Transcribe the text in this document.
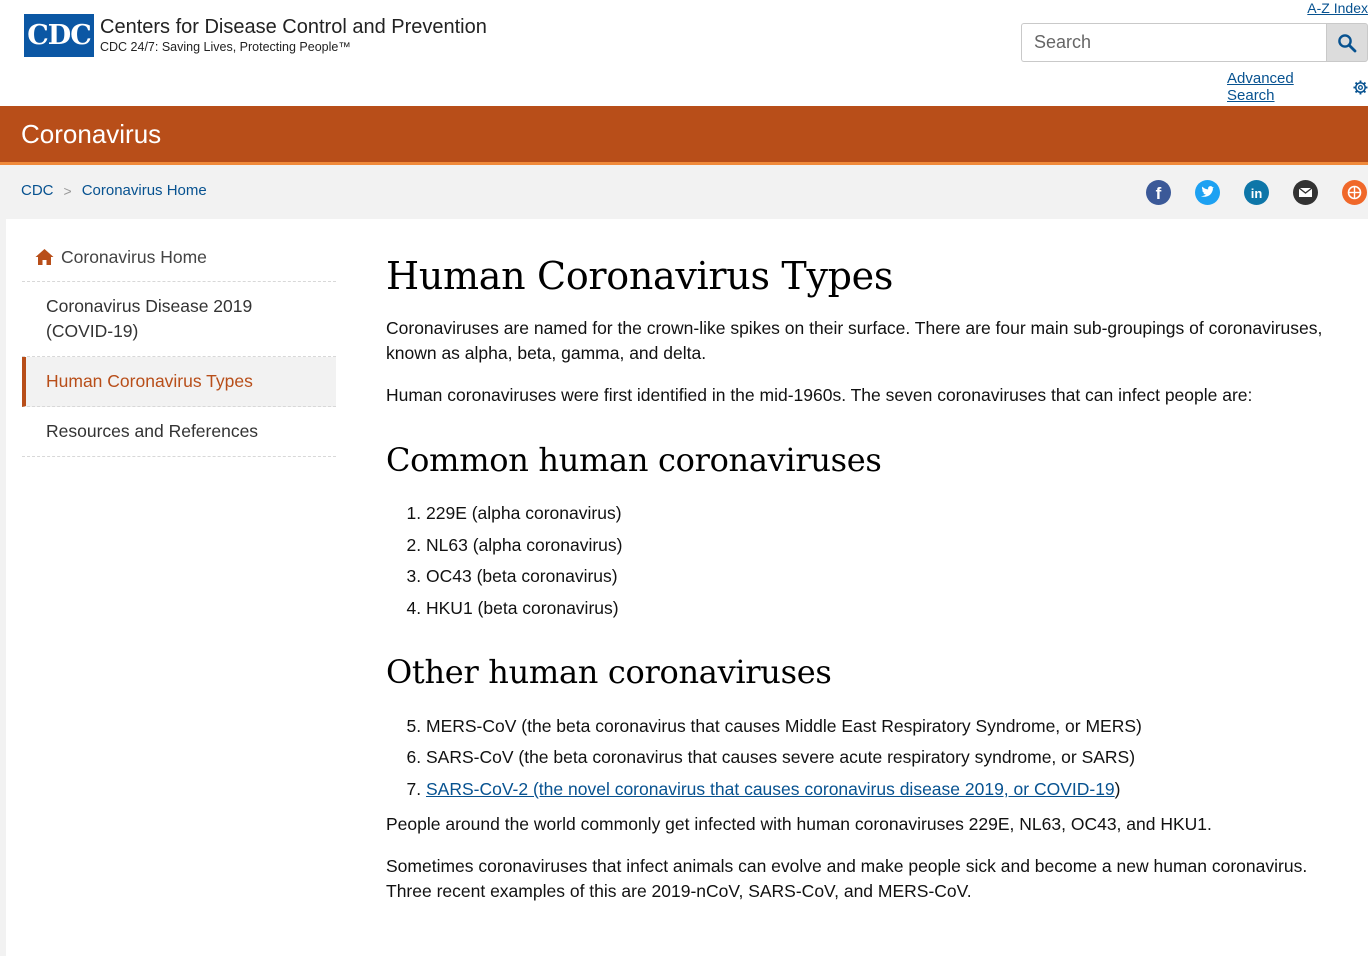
CDC Centers for Disease Control and Prevention
CDC 24/7: Saving Lives, Protecting People™
A-Z Index
Search
Advanced Search
Coronavirus
CDC > Coronavirus Home	f	in
Coronavirus Home
Coronavirus Disease 2019 (COVID-19)
Human Coronavirus Types
Resources and References
Human Coronavirus Types

Coronaviruses are named for the crown-like spikes on their surface. There are four main sub-groupings of coronaviruses, known as alpha, beta, gamma, and delta.

Human coronaviruses were first identified in the mid-1960s. The seven coronaviruses that can infect people are:

Common human coronaviruses
1. 229E (alpha coronavirus)
2. NL63 (alpha coronavirus)
3. OC43 (beta coronavirus)
4. HKU1 (beta coronavirus)
Other human coronaviruses
5. MERS-CoV (the beta coronavirus that causes Middle East Respiratory Syndrome, or MERS)
6. SARS-CoV (the beta coronavirus that causes severe acute respiratory syndrome, or SARS)
7. SARS-CoV-2 (the novel coronavirus that causes coronavirus disease 2019, or COVID-19)

People around the world commonly get infected with human coronaviruses 229E, NL63, OC43, and HKU1.

Sometimes coronaviruses that infect animals can evolve and make people sick and become a new human coronavirus. Three recent examples of this are 2019-nCoV, SARS-CoV, and MERS-CoV.
